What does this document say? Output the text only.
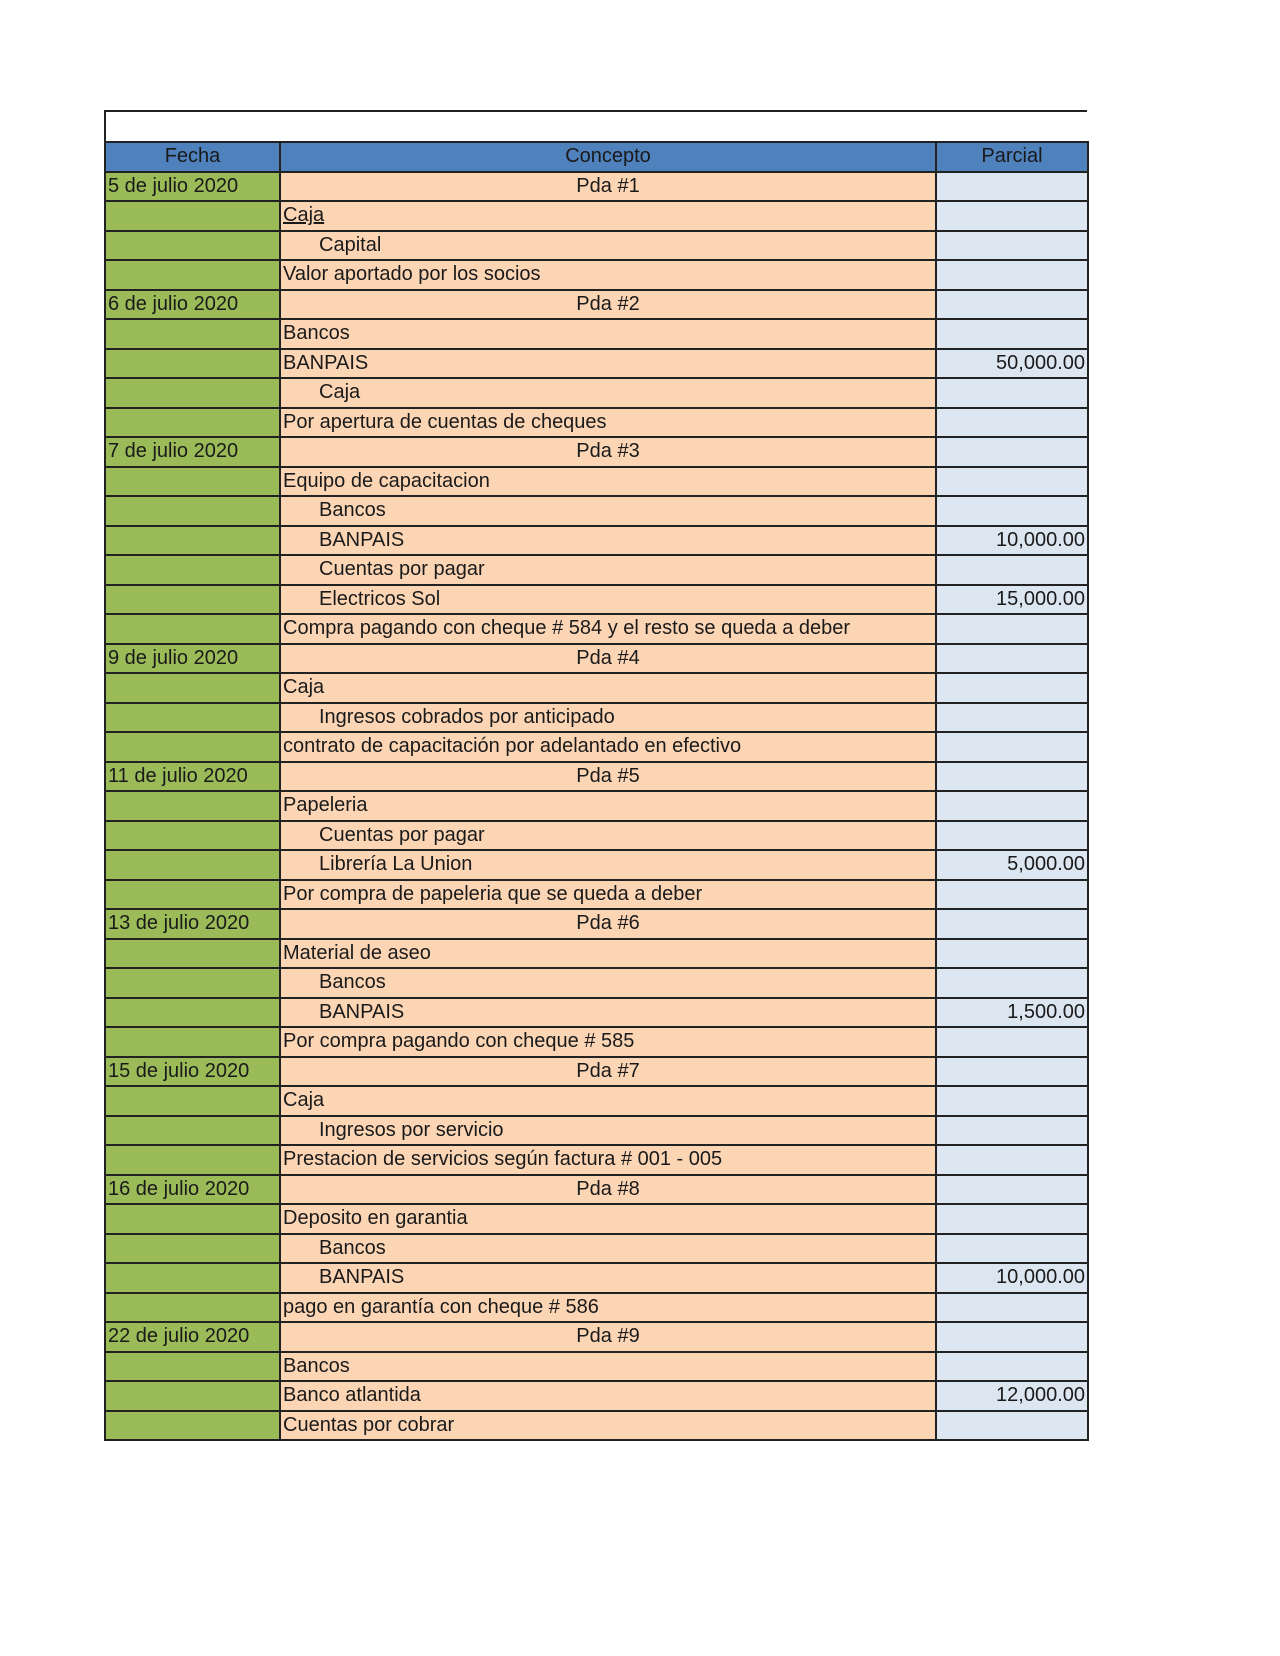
Fecha	Concepto	Parcial
5 de julio 2020	Pda #1	
	Caja	
	Capital	
	Valor aportado por los socios	
6 de julio 2020	Pda #2	
	Bancos	
	BANPAIS	50,000.00
	Caja	
	Por apertura de cuentas de cheques	
7 de julio 2020	Pda #3	
	Equipo de capacitacion	
	Bancos	
	BANPAIS	10,000.00
	Cuentas por pagar	
	Electricos Sol	15,000.00
	Compra pagando con cheque # 584 y el resto se queda a deber	
9 de julio 2020	Pda #4	
	Caja	
	Ingresos cobrados por anticipado	
	contrato de capacitación por adelantado en efectivo	
11 de julio 2020	Pda #5	
	Papeleria	
	Cuentas por pagar	
	Librería La Union	5,000.00
	Por compra de papeleria que se queda a deber	
13 de julio 2020	Pda #6	
	Material de aseo	
	Bancos	
	BANPAIS	1,500.00
	Por compra pagando con cheque # 585	
15 de julio 2020	Pda #7	
	Caja	
	Ingresos por servicio	
	Prestacion de servicios según factura # 001 - 005	
16 de julio 2020	Pda #8	
	Deposito en garantia	
	Bancos	
	BANPAIS	10,000.00
	pago en garantía con cheque # 586	
22 de julio 2020	Pda #9	
	Bancos	
	Banco atlantida	12,000.00
	Cuentas por cobrar	
